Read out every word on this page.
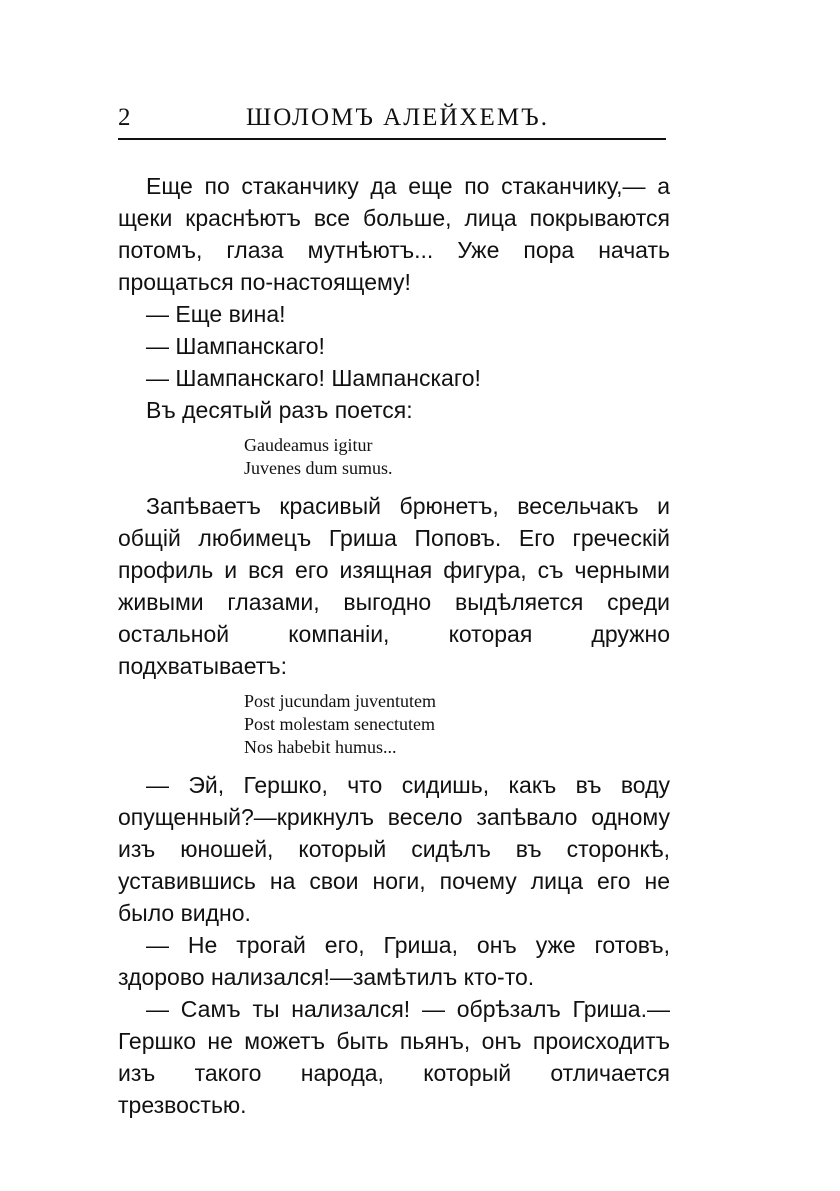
2	ШОЛОМЪ АЛЕЙХЕМЪ.

Еще по стаканчику да еще по стаканчику,— а щеки краснѣютъ все больше, лица покрываются потомъ, глаза мутнѣютъ... Уже пора начать прощаться по-настоящему!

— Еще вина!

— Шампанскаго!

— Шампанскаго! Шампанскаго!

Въ десятый разъ поется:

Gaudeamus igitur
Juvenes dum sumus.

Запѣваетъ красивый брюнетъ, весельчакъ и общій любимецъ Гриша Поповъ. Его греческій профиль и вся его изящная фигура, съ черными живыми глазами, выгодно выдѣляется среди остальной компаніи, которая дружно подхватываетъ:

Post jucundam juventutem
Post molestam senectutem
Nos habebit humus...

— Эй, Гершко, что сидишь, какъ въ воду опущенный?—крикнулъ весело запѣвало одному изъ юношей, который сидѣлъ въ сторонкѣ, уставившись на свои ноги, почему лица его не было видно.

— Не трогай его, Гриша, онъ уже готовъ, здорово нализался!—замѣтилъ кто-то.

— Самъ ты нализался! — обрѣзалъ Гриша.— Гершко не можетъ быть пьянъ, онъ происходитъ изъ такого народа, который отличается трезвостью.
